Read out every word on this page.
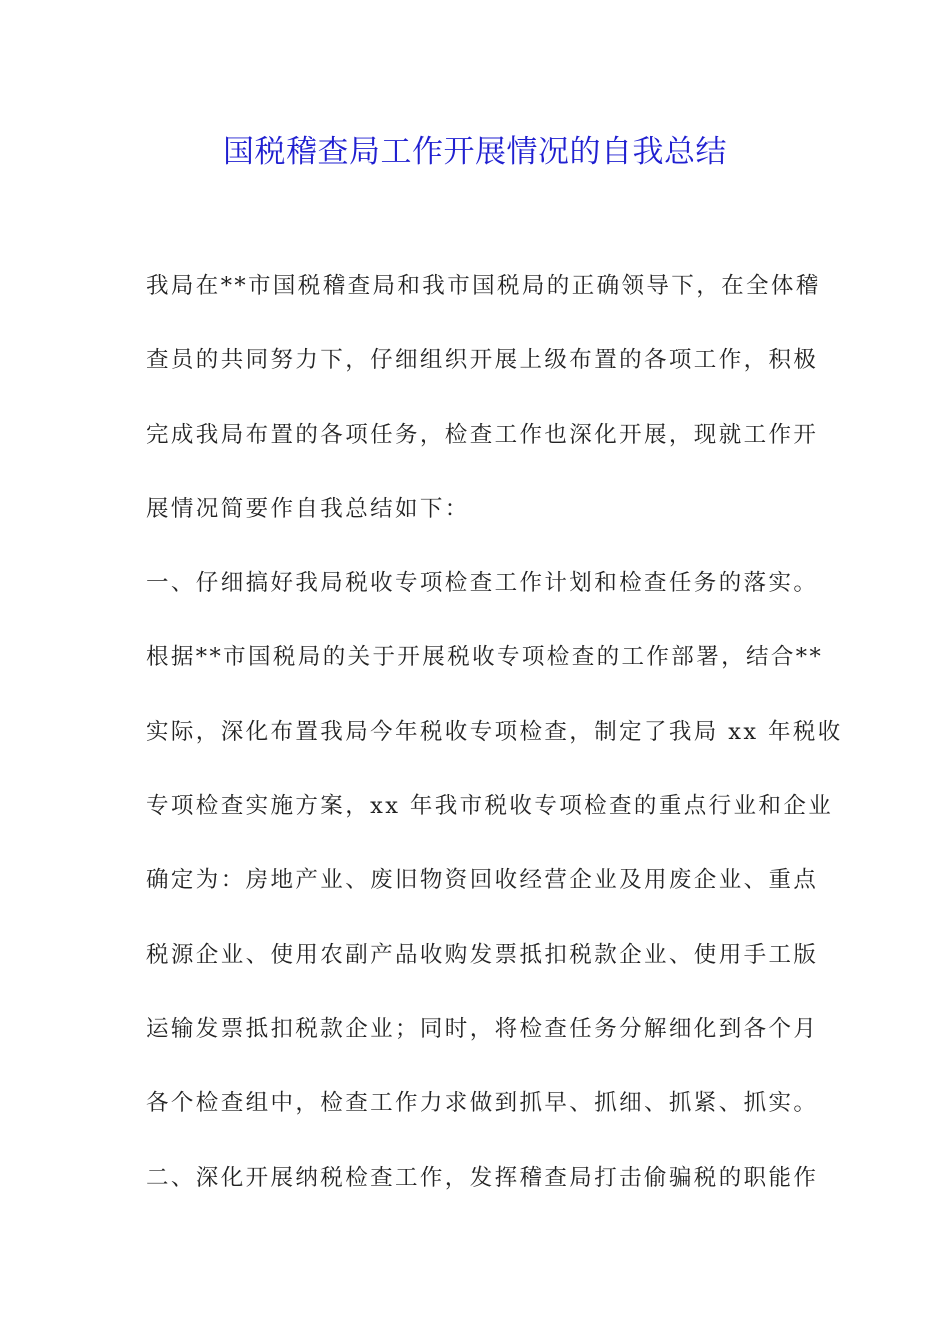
国税稽查局工作开展情况的自我总结
我局在**市国税稽查局和我市国税局的正确领导下，在全体稽
查员的共同努力下，仔细组织开展上级布置的各项工作，积极
完成我局布置的各项任务，检查工作也深化开展，现就工作开
展情况简要作自我总结如下：
一、仔细搞好我局税收专项检查工作计划和检查任务的落实。
根据**市国税局的关于开展税收专项检查的工作部署，结合**
实际，深化布置我局今年税收专项检查，制定了我局 xx 年税收
专项检查实施方案，xx 年我市税收专项检查的重点行业和企业
确定为：房地产业、废旧物资回收经营企业及用废企业、重点
税源企业、使用农副产品收购发票抵扣税款企业、使用手工版
运输发票抵扣税款企业；同时，将检查任务分解细化到各个月
各个检查组中，检查工作力求做到抓早、抓细、抓紧、抓实。
二、深化开展纳税检查工作，发挥稽查局打击偷骗税的职能作
